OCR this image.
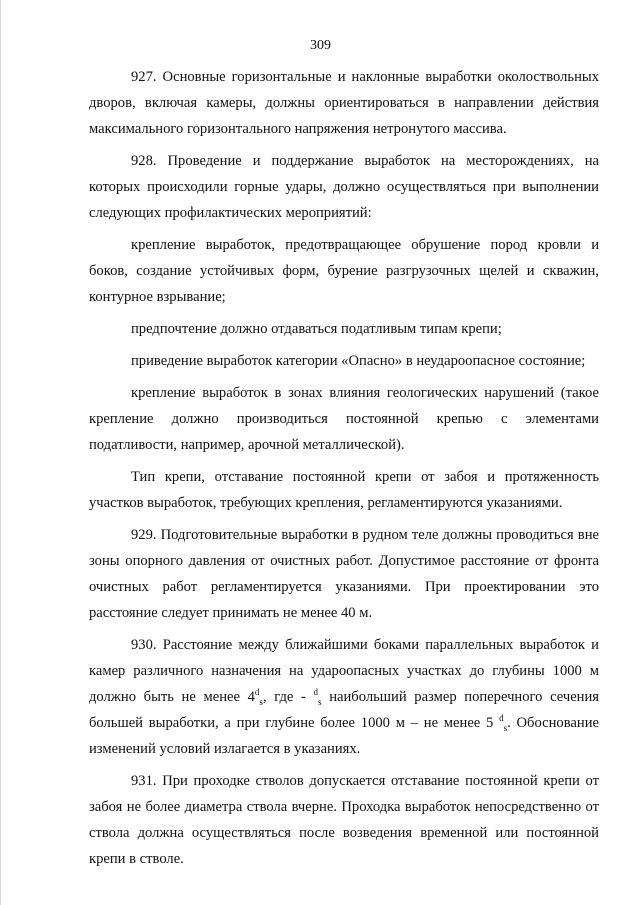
309

927. Основные горизонтальные и наклонные выработки околоствольных дворов, включая камеры, должны ориентироваться в направлении действия максимального горизонтального напряжения нетронутого массива.

928. Проведение и поддержание выработок на месторождениях, на которых происходили горные удары, должно осуществляться при выполнении следующих профилактических мероприятий:

крепление выработок, предотвращающее обрушение пород кровли и боков, создание устойчивых форм, бурение разгрузочных щелей и скважин, контурное взрывание;

предпочтение должно отдаваться податливым типам крепи;

приведение выработок категории «Опасно» в неудароопасное состояние;

крепление выработок в зонах влияния геологических нарушений (такое крепление должно производиться постоянной крепью с элементами податливости, например, арочной металлической).

Тип крепи, отставание постоянной крепи от забоя и протяженность участков выработок, требующих крепления, регламентируются указаниями.

929. Подготовительные выработки в рудном теле должны проводиться вне зоны опорного давления от очистных работ. Допустимое расстояние от фронта очистных работ регламентируется указаниями. При проектировании это расстояние следует принимать не менее 40 м.

930. Расстояние между ближайшими боками параллельных выработок и камер различного назначения на удароопасных участках до глубины 1000 м должно быть не менее $4^d_s$, где - $^d_s$ наибольший размер поперечного сечения большей выработки, а при глубине более 1000 м – не менее 5 $^d_s$. Обоснование изменений условий излагается в указаниях.

931. При проходке стволов допускается отставание постоянной крепи от забоя не более диаметра ствола вчерне. Проходка выработок непосредственно от ствола должна осуществляться после возведения временной или постоянной крепи в стволе.
